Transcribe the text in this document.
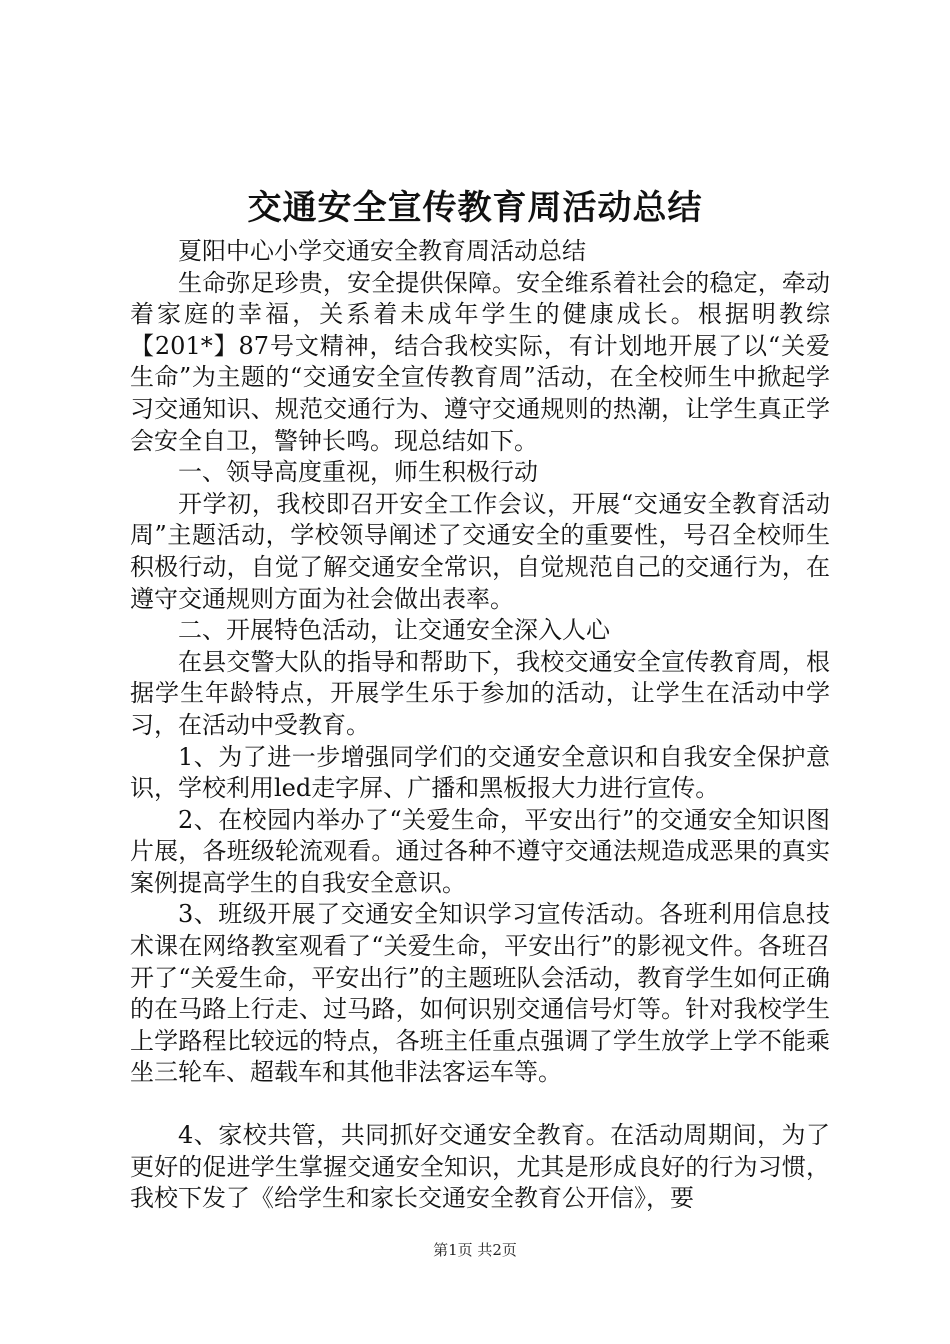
交通安全宣传教育周活动总结

夏阳中心小学交通安全教育周活动总结

生命弥足珍贵，安全提供保障。安全维系着社会的稳定，牵动着家庭的幸福，关系着未成年学生的健康成长。根据明教综【201*】87号文精神，结合我校实际，有计划地开展了以“关爱生命”为主题的“交通安全宣传教育周”活动，在全校师生中掀起学习交通知识、规范交通行为、遵守交通规则的热潮，让学生真正学会安全自卫，警钟长鸣。现总结如下。

一、领导高度重视，师生积极行动

开学初，我校即召开安全工作会议，开展“交通安全教育活动周”主题活动，学校领导阐述了交通安全的重要性，号召全校师生积极行动，自觉了解交通安全常识，自觉规范自己的交通行为，在遵守交通规则方面为社会做出表率。

二、开展特色活动，让交通安全深入人心

在县交警大队的指导和帮助下，我校交通安全宣传教育周，根据学生年龄特点，开展学生乐于参加的活动，让学生在活动中学习，在活动中受教育。

1、为了进一步增强同学们的交通安全意识和自我安全保护意识，学校利用led走字屏、广播和黑板报大力进行宣传。

2、在校园内举办了“关爱生命，平安出行”的交通安全知识图片展，各班级轮流观看。通过各种不遵守交通法规造成恶果的真实案例提高学生的自我安全意识。

3、班级开展了交通安全知识学习宣传活动。各班利用信息技术课在网络教室观看了“关爱生命，平安出行”的影视文件。各班召开了“关爱生命，平安出行”的主题班队会活动，教育学生如何正确的在马路上行走、过马路，如何识别交通信号灯等。针对我校学生上学路程比较远的特点，各班主任重点强调了学生放学上学不能乘坐三轮车、超载车和其他非法客运车等。

4、家校共管，共同抓好交通安全教育。在活动周期间，为了更好的促进学生掌握交通安全知识，尤其是形成良好的行为习惯，我校下发了《给学生和家长交通安全教育公开信》，要

第1页 共2页
